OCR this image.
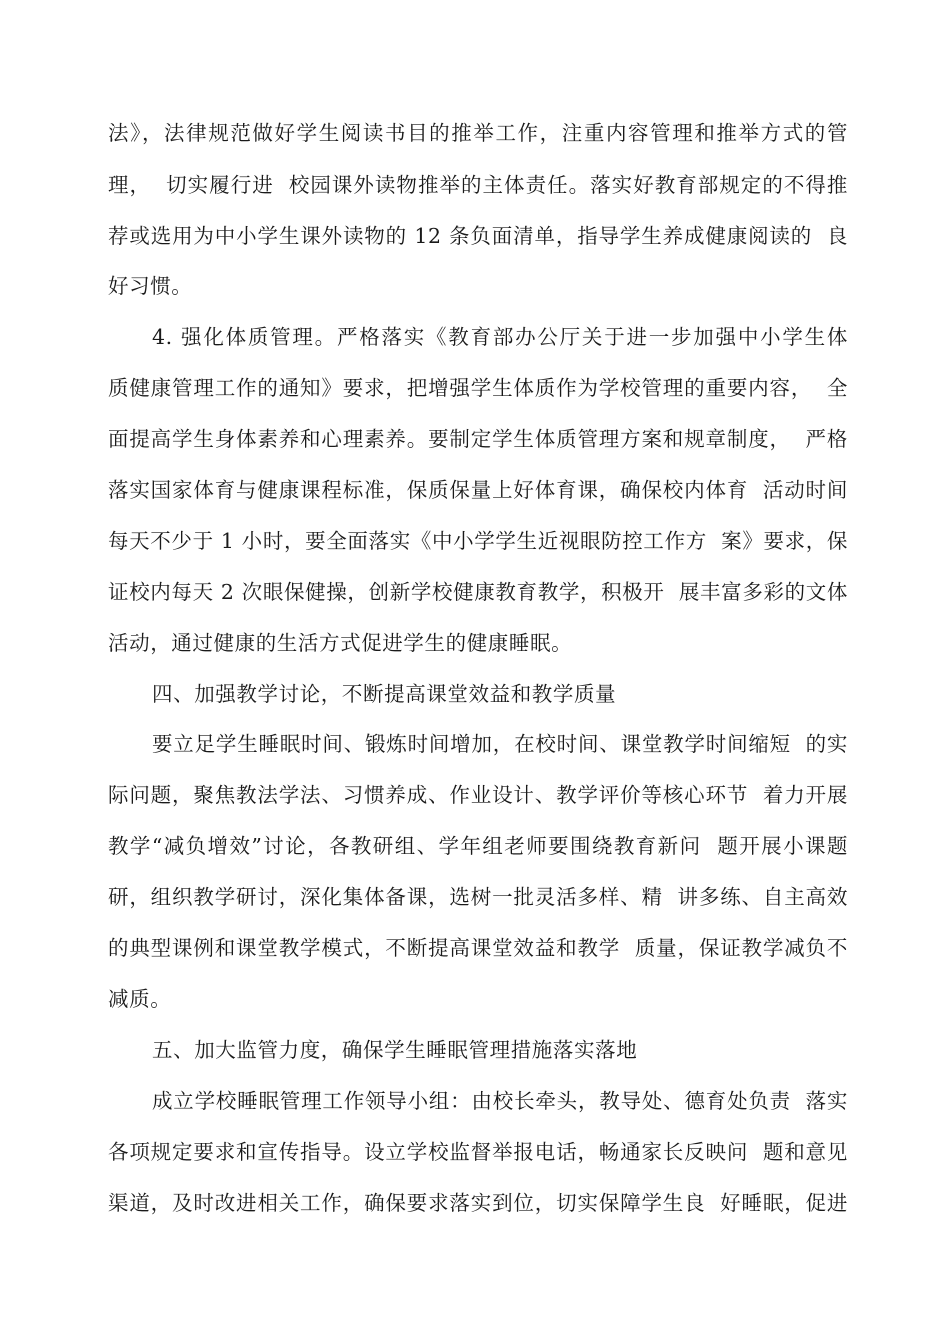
法》，法律规范做好学生阅读书目的推举工作，注重内容管理和推举方式的管
理，  切实履行进  校园课外读物推举的主体责任。落实好教育部规定的不得推
荐或选用为中小学生课外读物的 12 条负面清单，指导学生养成健康阅读的  良
好习惯。
4. 强化体质管理。严格落实《教育部办公厅关于进一步加强中小学生体
质健康管理工作的通知》要求，把增强学生体质作为学校管理的重要内容，  全
面提高学生身体素养和心理素养。要制定学生体质管理方案和规章制度，  严格
落实国家体育与健康课程标准，保质保量上好体育课，确保校内体育  活动时间
每天不少于 1 小时，要全面落实《中小学学生近视眼防控工作方  案》要求，保
证校内每天 2 次眼保健操，创新学校健康教育教学，积极开  展丰富多彩的文体
活动，通过健康的生活方式促进学生的健康睡眠。
四、加强教学讨论，不断提高课堂效益和教学质量
要立足学生睡眠时间、锻炼时间增加，在校时间、课堂教学时间缩短  的实
际问题，聚焦教法学法、习惯养成、作业设计、教学评价等核心环节  着力开展
教学“减负增效”讨论，各教研组、学年组老师要围绕教育新问  题开展小课题
研，组织教学研讨，深化集体备课，选树一批灵活多样、精  讲多练、自主高效
的典型课例和课堂教学模式，不断提高课堂效益和教学  质量，保证教学减负不
减质。
五、加大监管力度，确保学生睡眠管理措施落实落地
成立学校睡眠管理工作领导小组：由校长牵头，教导处、德育处负责  落实
各项规定要求和宣传指导。设立学校监督举报电话，畅通家长反映问  题和意见
渠道，及时改进相关工作，确保要求落实到位，切实保障学生良  好睡眠，促进
